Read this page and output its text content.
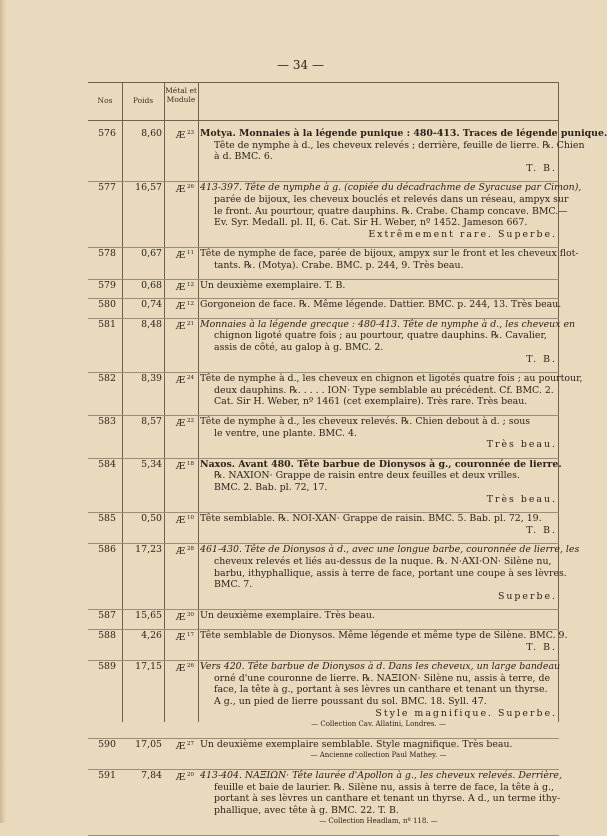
— 34 —
Nos	Poids
Métal et Module
576	8,60	Æ $^{23}$ Motya. Monnaies à la légende punique : 480-413. Traces de légende punique.
Tête de nymphe à d., les cheveux relevés ; derrière, feuille de lierre. ℞. Chien
à d. BMC. 6.
T. B.
577	16,57	Æ $^{26}$ 413-397. Tête de nymphe à g. (copiée du décadrachme de Syracuse par Cimon),
parée de bijoux, les cheveux bouclés et relevés dans un réseau, ampyx sur
le front. Au pourtour, quatre dauphins. ℞. Crabe. Champ concave. BMC.—
Ev. Syr. Medall. pl. II, 6. Cat. Sir H. Weber, nº 1452. Jameson 667.
Extrêmement rare. Superbe.
578	0,67	Æ $^{11}$ Tête de nymphe de face, parée de bijoux, ampyx sur le front et les cheveux flot-
tants. ℞. (Motya). Crabe. BMC. p. 244, 9. Très beau.
579	0,68	Æ $^{12}$ Un deuxième exemplaire. T. B.
580	0,74	Æ $^{12}$ Gorgoneion de face. ℞. Même légende. Dattier. BMC. p. 244, 13. Très beau.
581	8,48	Æ $^{21}$ Monnaies à la légende grecque : 480-413. Tête de nymphe à d., les cheveux en
chignon ligoté quatre fois ; au pourtour, quatre dauphins. ℞. Cavalier,
assis de côté, au galop à g. BMC. 2.
T. B.
582	8,39	Æ $^{24}$ Tête de nymphe à d., les cheveux en chignon et ligotés quatre fois ; au pourtour,
deux dauphins. ℞. . . . . ION· Type semblable au précédent. Cf. BMC. 2.
Cat. Sir H. Weber, nº 1461 (cet exemplaire). Très rare. Très beau.
583	8,57	Æ $^{22}$ Tête de nymphe à d., les cheveux relevés. ℞. Chien debout à d. ; sous
le ventre, une plante. BMC. 4.
Très beau.
584	5,34	Æ $^{18}$ Naxos. Avant 480. Tête barbue de Dionysos à g., couronnée de lierre.
℞. NAXION· Grappe de raisin entre deux feuilles et deux vrilles.
BMC. 2. Bab. pl. 72, 17.
Très beau.
585	0,50	Æ $^{10}$ Tête semblable. ℞. ΝΟΙ-ΧΑΝ· Grappe de raisin. BMC. 5. Bab. pl. 72, 19.
T. B.
586	17,23	Æ $^{28}$ 461-430. Tête de Dionysos à d., avec une longue barbe, couronnée de lierre, les
cheveux relevés et liés au-dessus de la nuque. ℞. N·AXI·ON· Silène nu,
barbu, ithyphallique, assis à terre de face, portant une coupe à ses lèvres.
BMC. 7.
Superbe.
587	15,65	Æ $^{30}$ Un deuxième exemplaire. Très beau.
588	4,26	Æ $^{17}$ Tête semblable de Dionysos. Même légende et même type de Silène. BMC. 9.
T. B.
589	17,15	Æ $^{26}$ Vers 420. Tête barbue de Dionysos à d. Dans les cheveux, un large bandeau
orné d'une couronne de lierre. ℞. ΝΑΞΙΟΝ· Silène nu, assis à terre, de
face, la tête à g., portant à ses lèvres un canthare et tenant un thyrse.
A g., un pied de lierre poussant du sol. BMC. 18. Syll. 47.
Style magnifique. Superbe.
— Collection Cav. Allatini, Londres. —
590	17,05	Æ $^{27}$ Un deuxième exemplaire semblable. Style magnifique. Très beau.
— Ancienne collection Paul Mathey. —
591	7,84	Æ $^{20}$ 413-404. ΝΑΞΙΩΝ· Tête laurée d'Apollon à g., les cheveux relevés. Derrière,
feuille et baie de laurier. ℞. Silène nu, assis à terre de face, la tête à g.,
portant à ses lèvres un canthare et tenant un thyrse. A d., un terme ithy-
phallique, avec tête à g. BMC. 22. T. B.
— Collection Headlam, nº 118. —
